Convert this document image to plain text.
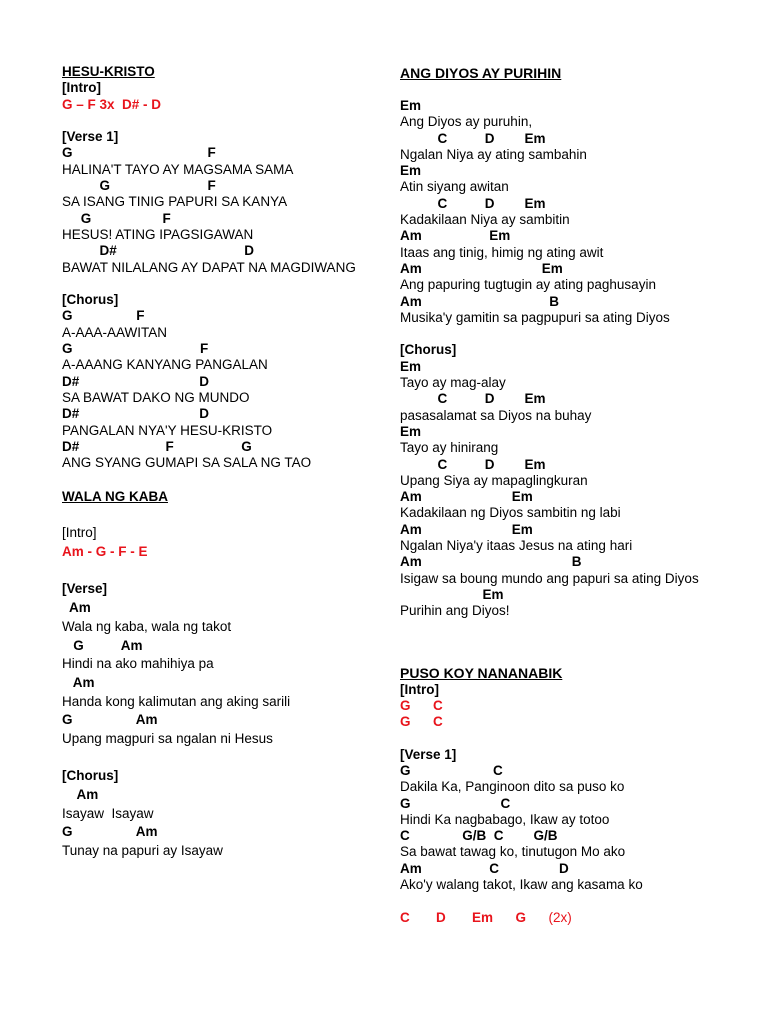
HESU-KRISTO
[Intro]
G – F 3x  D# - D
[Verse 1]
G                                    F
HALINA'T TAYO AY MAGSAMA SAMA
G                          F
SA ISANG TINIG PAPURI SA KANYA
G                   F
HESUS! ATING IPAGSIGAWAN
D#                                  D
BAWAT NILALANG AY DAPAT NA MAGDIWANG
[Chorus]
G                 F
A-AAA-AAWITAN
G                                  F
A-AAANG KANYANG PANGALAN
D#                                D
SA BAWAT DAKO NG MUNDO
D#                                D
PANGALAN NYA'Y HESU-KRISTO
D#                       F                  G
ANG SYANG GUMAPI SA SALA NG TAO
WALA NG KABA
[Intro]
Am - G - F - E
[Verse]
Am
Wala ng kaba, wala ng takot
G          Am
Hindi na ako mahihiya pa
Am
Handa kong kalimutan ang aking sarili
G                 Am
Upang magpuri sa ngalan ni Hesus
[Chorus]
Am
Isayaw  Isayaw
G                 Am
Tunay na papuri ay Isayaw
ANG DIYOS AY PURIHIN
Em
Ang Diyos ay puruhin,
C          D        Em
Ngalan Niya ay ating sambahin
Em
Atin siyang awitan
C          D        Em
Kadakilaan Niya ay sambitin
Am                  Em
Itaas ang tinig, himig ng ating awit
Am                                Em
Ang papuring tugtugin ay ating paghusayin
Am                                  B
Musika'y gamitin sa pagpupuri sa ating Diyos
[Chorus]
Em
Tayo ay mag-alay
C          D        Em
pasasalamat sa Diyos na buhay
Em
Tayo ay hinirang
C          D        Em
Upang Siya ay mapaglingkuran
Am                        Em
Kadakilaan ng Diyos sambitin ng labi
Am                        Em
Ngalan Niya'y itaas Jesus na ating hari
Am                                        B
Isigaw sa boung mundo ang papuri sa ating Diyos
Em
Purihin ang Diyos!
PUSO KOY NANANABIK
[Intro]
G      C
G      C
[Verse 1]
G                      C
Dakila Ka, Panginoon dito sa puso ko
G                        C
Hindi Ka nagbabago, Ikaw ay totoo
C              G/B  C        G/B
Sa bawat tawag ko, tinutugon Mo ako
Am                  C                D
Ako'y walang takot, Ikaw ang kasama ko
C       D       Em      G      (2x)
